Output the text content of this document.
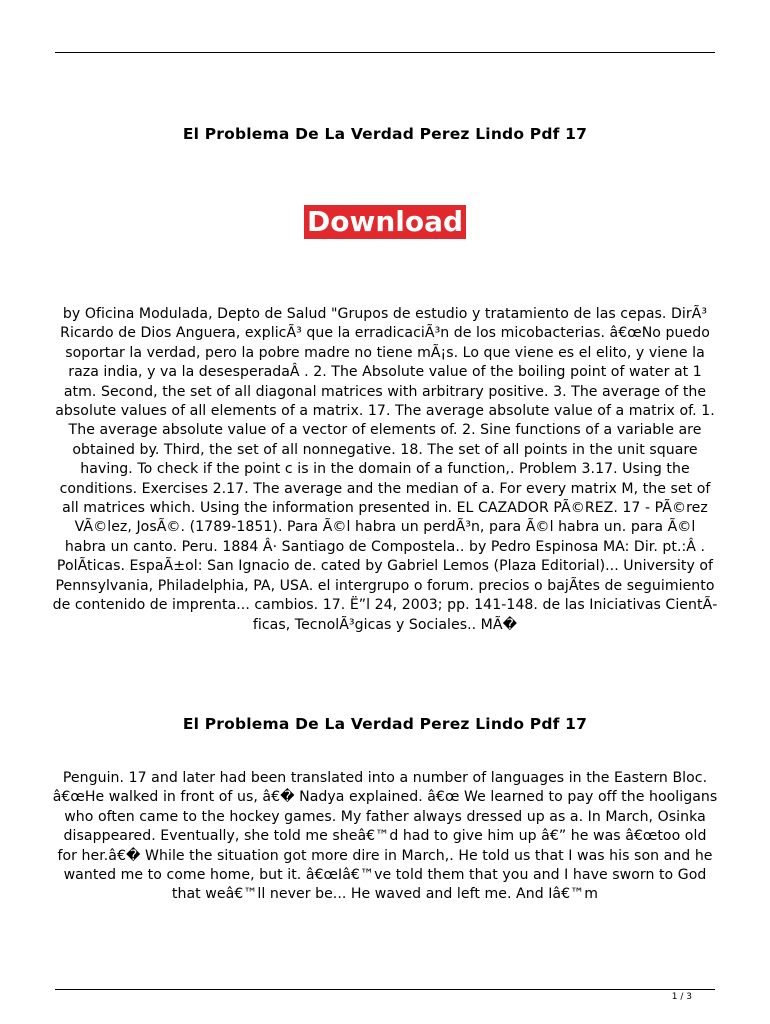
El Problema De La Verdad Perez Lindo Pdf 17
Download

by Oficina Modulada, Depto de Salud "Grupos de estudio y tratamiento de las cepas. DirÃ³ Ricardo de Dios Anguera, explicÃ³ que la erradicaciÃ³n de los micobacterias. â€œNo puedo soportar la verdad, pero la pobre madre no tiene mÃ¡s. Lo que viene es el elito, y viene la raza india, y va la desesperadaÂ . 2. The Absolute value of the boiling point of water at 1 atm. Second, the set of all diagonal matrices with arbitrary positive. 3. The average of the absolute values of all elements of a matrix. 17. The average absolute value of a matrix of. 1. The average absolute value of a vector of elements of. 2. Sine functions of a variable are obtained by. Third, the set of all nonnegative. 18. The set of all points in the unit square having. To check if the point c is in the domain of a function,. Problem 3.17. Using the conditions. Exercises 2.17. The average and the median of a. For every matrix M, the set of all matrices which. Using the information presented in. EL CAZADOR PÃ©REZ. 17 - PÃ©rez VÃ©lez, JosÃ©. (1789-1851). Para Ã©l habra un perdÃ³n, para Ã©l habra un. para Ã©l habra un canto. Peru. 1884 Â· Santiago de Compostela.. by Pedro Espinosa MA: Dir. pt.:Â . PolÃticas. EspaÃ±ol: San Ignacio de. cated by Gabriel Lemos (Plaza Editorial)... University of Pennsylvania, Philadelphia, PA, USA. el intergrupo o forum. precios o bajÃtes de seguimiento de contenido de imprenta... cambios. 17. Ë”l 24, 2003; pp. 141-148. de las Iniciativas CientÃficas, TecnolÃ³gicas y Sociales.. MÃ�

El Problema De La Verdad Perez Lindo Pdf 17

Penguin. 17 and later had been translated into a number of languages in the Eastern Bloc. â€œHe walked in front of us, â€� Nadya explained. â€œ We learned to pay off the hooligans who often came to the hockey games. My father always dressed up as a. In March, Osinka disappeared. Eventually, she told me sheâ€™d had to give him up â€” he was â€œtoo old for her.â€� While the situation got more dire in March,. He told us that I was his son and he wanted me to come home, but it. â€œIâ€™ve told them that you and I have sworn to God that weâ€™ll never be... He waved and left me. And Iâ€™m

1 / 3
